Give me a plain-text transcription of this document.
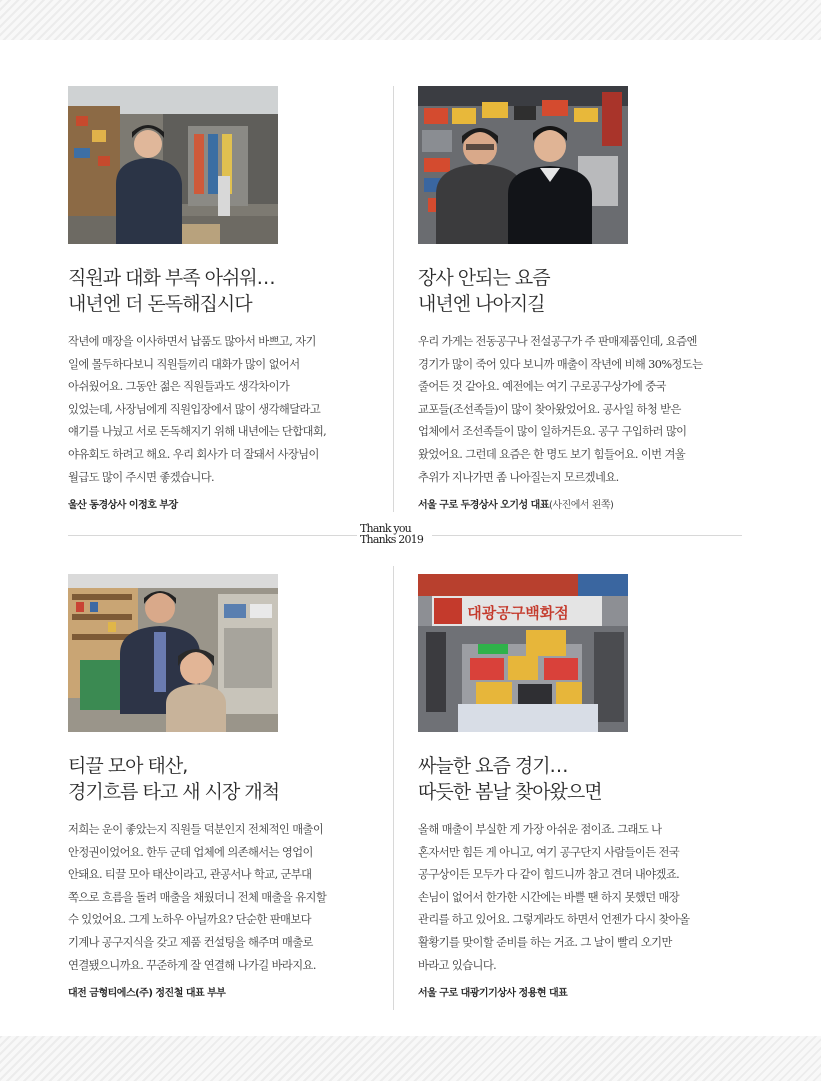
Thank you
Thanks 2019
직원과 대화 부족 아쉬워…
내년엔 더 돈독해집시다
작년에 매장을 이사하면서 납품도 많아서 바쁘고, 자기
일에 몰두하다보니 직원들끼리 대화가 많이 없어서
아쉬웠어요. 그동안 젊은 직원들과도 생각차이가
있었는데, 사장님에게 직원입장에서 많이 생각해달라고
얘기를 나눴고 서로 돈독해지기 위해 내년에는 단합대회,
야유회도 하려고 해요. 우리 회사가 더 잘돼서 사장님이
월급도 많이 주시면 좋겠습니다.
울산 동경상사 이정호 부장
장사 안되는 요즘
내년엔 나아지길
우리 가게는 전동공구나 전설공구가 주 판매제품인데, 요즘엔
경기가 많이 죽어 있다 보니까 매출이 작년에 비해 30%정도는
줄어든 것 같아요. 예전에는 여기 구로공구상가에 중국
교포들(조선족들)이 많이 찾아왔었어요. 공사일 하청 받은
업체에서 조선족들이 많이 일하거든요. 공구 구입하러 많이
왔었어요. 그런데 요즘은 한 명도 보기 힘들어요. 이번 겨울
추위가 지나가면 좀 나아질는지 모르겠네요.
서울 구로 두경상사 오기성 대표(사진에서 왼쪽)
티끌 모아 태산,
경기흐름 타고 새 시장 개척
저희는 운이 좋았는지 직원들 덕분인지 전체적인 매출이
안정권이었어요. 한두 군데 업체에 의존해서는 영업이
안돼요. 티끌 모아 태산이라고, 관공서나 학교, 군부대
쪽으로 흐름을 돌려 매출을 채웠더니 전체 매출을 유지할
수 있었어요. 그게 노하우 아닐까요? 단순한 판매보다
기계나 공구지식을 갖고 제품 컨설팅을 해주며 매출로
연결됐으니까요. 꾸준하게 잘 연결해 나가길 바라지요.
대전 금형티에스(주) 정진철 대표 부부
대광공구백화점
싸늘한 요즘 경기…
따듯한 봄날 찾아왔으면
올해 매출이 부실한 게 가장 아쉬운 점이죠. 그래도 나
혼자서만 힘든 게 아니고, 여기 공구단지 사람들이든 전국
공구상이든 모두가 다 같이 힘드니까 참고 견뎌 내야겠죠.
손님이 없어서 한가한 시간에는 바쁠 땐 하지 못했던 매장
관리를 하고 있어요. 그렇게라도 하면서 언젠가 다시 찾아올
활황기를 맞이할 준비를 하는 거죠. 그 날이 빨리 오기만
바라고 있습니다.
서울 구로 대광기기상사 정용현 대표
